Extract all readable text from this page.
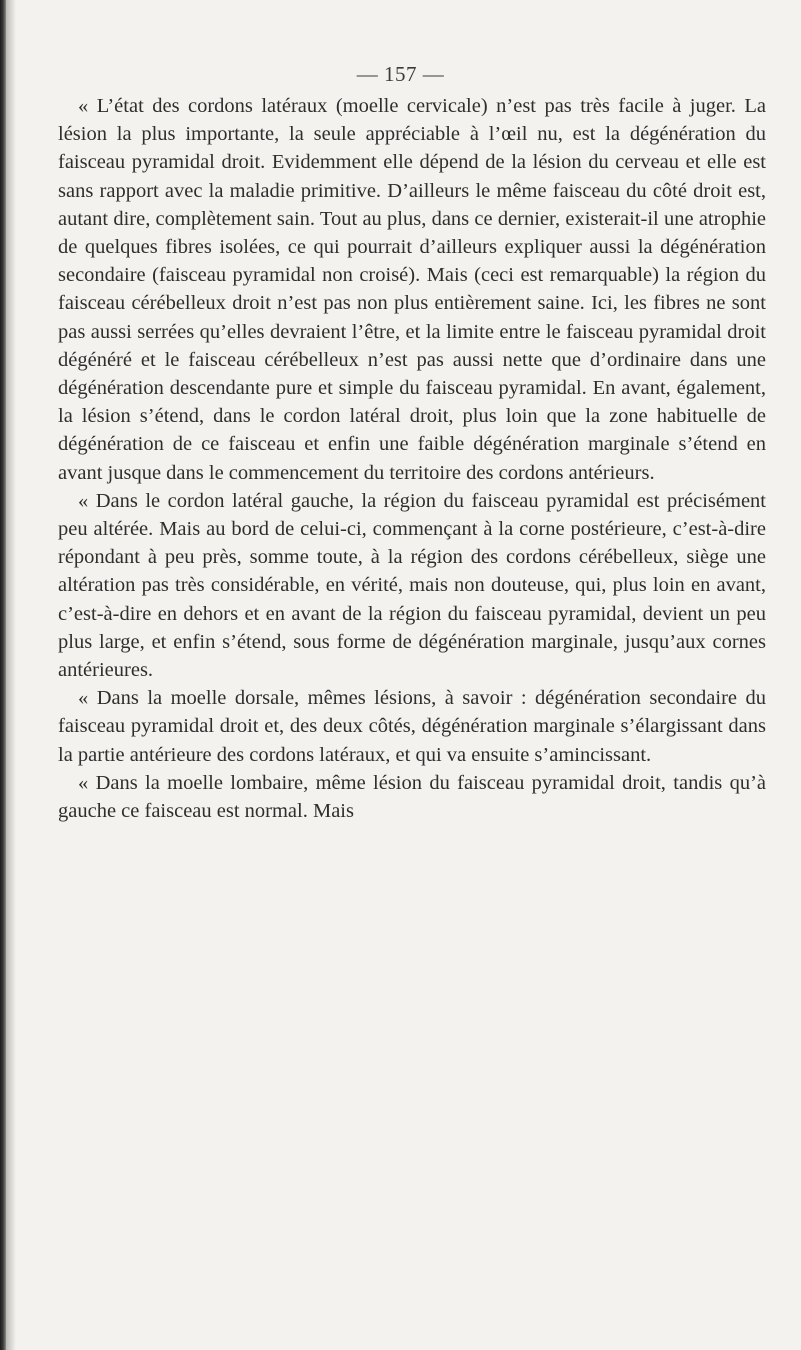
— 157 —

« L’état des cordons latéraux (moelle cervicale) n’est pas très facile à juger. La lésion la plus importante, la seule appréciable à l’œil nu, est la dégénération du faisceau pyramidal droit. Evidemment elle dépend de la lésion du cerveau et elle est sans rapport avec la maladie primitive. D’ailleurs le même faisceau du côté droit est, autant dire, complètement sain. Tout au plus, dans ce dernier, existerait-il une atrophie de quelques fibres isolées, ce qui pourrait d’ailleurs expliquer aussi la dégénération secondaire (faisceau pyramidal non croisé). Mais (ceci est remarquable) la région du faisceau cérébelleux droit n’est pas non plus entièrement saine. Ici, les fibres ne sont pas aussi serrées qu’elles devraient l’être, et la limite entre le faisceau pyramidal droit dégénéré et le faisceau cérébelleux n’est pas aussi nette que d’ordinaire dans une dégénération descendante pure et simple du faisceau pyramidal. En avant, également, la lésion s’étend, dans le cordon latéral droit, plus loin que la zone habituelle de dégénération de ce faisceau et enfin une faible dégénération marginale s’étend en avant jusque dans le commencement du territoire des cordons antérieurs.

« Dans le cordon latéral gauche, la région du faisceau pyramidal est précisément peu altérée. Mais au bord de celui-ci, commençant à la corne postérieure, c’est-à-dire répondant à peu près, somme toute, à la région des cordons cérébelleux, siège une altération pas très considérable, en vérité, mais non douteuse, qui, plus loin en avant, c’est-à-dire en dehors et en avant de la région du faisceau pyramidal, devient un peu plus large, et enfin s’étend, sous forme de dégénération marginale, jusqu’aux cornes antérieures.

« Dans la moelle dorsale, mêmes lésions, à savoir : dégénération secondaire du faisceau pyramidal droit et, des deux côtés, dégénération marginale s’élargissant dans la partie antérieure des cordons latéraux, et qui va ensuite s’amincissant.

« Dans la moelle lombaire, même lésion du faisceau pyramidal droit, tandis qu’à gauche ce faisceau est normal. Mais
